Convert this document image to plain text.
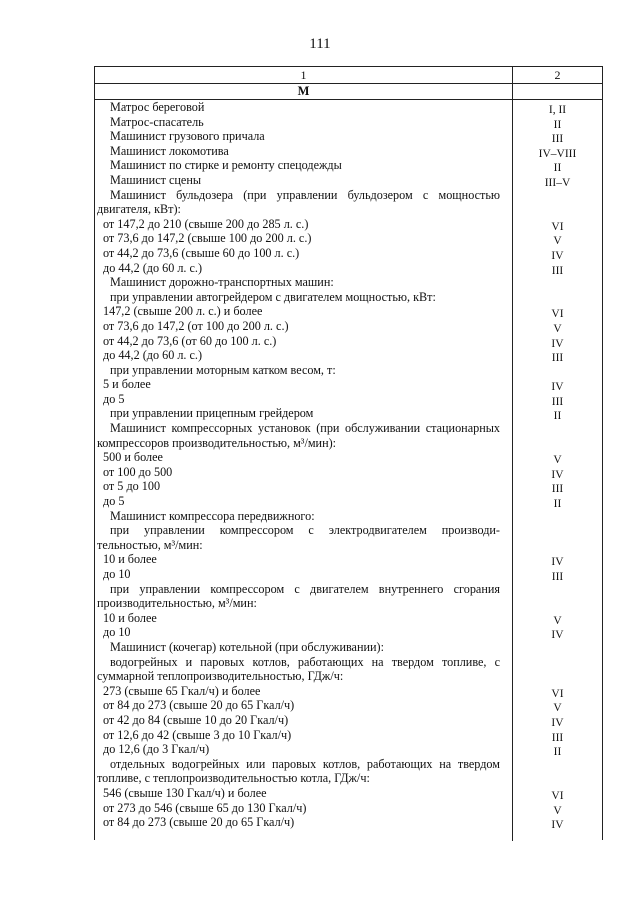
111
1	2
М
Матрос береговой	I, II
Матрос-спасатель	II
Машинист грузового причала	III
Машинист локомотива	IV–VIII
Машинист по стирке и ремонту спецодежды	II
Машинист сцены	III–V
Машинист бульдозера (при управлении бульдозером с мощностью двигателя, кВт):
от 147,2 до 210 (свыше 200 до 285 л. с.)	VI
от 73,6 до 147,2 (свыше 100 до 200 л. с.)	V
от 44,2 до 73,6 (свыше 60 до 100 л. с.)	IV
до 44,2 (до 60 л. с.)	III
Машинист дорожно-транспортных машин:
при управлении автогрейдером с двигателем мощностью, кВт:
147,2 (свыше 200 л. с.) и более	VI
от 73,6 до 147,2 (от 100 до 200 л. с.)	V
от 44,2 до 73,6 (от 60 до 100 л. с.)	IV
до 44,2 (до 60 л. с.)	III
при управлении моторным катком весом, т:
5 и более	IV
до 5	III
при управлении прицепным грейдером	II
Машинист компрессорных установок (при обслуживании стационарных компрессоров производительностью, м³/мин):
500 и более	V
от 100 до 500	IV
от 5 до 100	III
до 5	II
Машинист компрессора передвижного:
при управлении компрессором с электродвигателем производи-тельностью, м³/мин:
10 и более	IV
до 10	III
при управлении компрессором с двигателем внутреннего сгорания производительностью, м³/мин:
10 и более	V
до 10	IV
Машинист (кочегар) котельной (при обслуживании):
водогрейных и паровых котлов, работающих на твердом топливе, с суммарной теплопроизводительностью, ГДж/ч:
273 (свыше 65 Гкал/ч) и более	VI
от 84 до 273 (свыше 20 до 65 Гкал/ч)	V
от 42 до 84 (свыше 10 до 20 Гкал/ч)	IV
от 12,6 до 42 (свыше 3 до 10 Гкал/ч)	III
до 12,6 (до 3 Гкал/ч)	II
отдельных водогрейных или паровых котлов, работающих на твердом топливе, с теплопроизводительностью котла, ГДж/ч:
546 (свыше 130 Гкал/ч) и более	VI
от 273 до 546 (свыше 65 до 130 Гкал/ч)	V
от 84 до 273 (свыше 20 до 65 Гкал/ч)	IV
